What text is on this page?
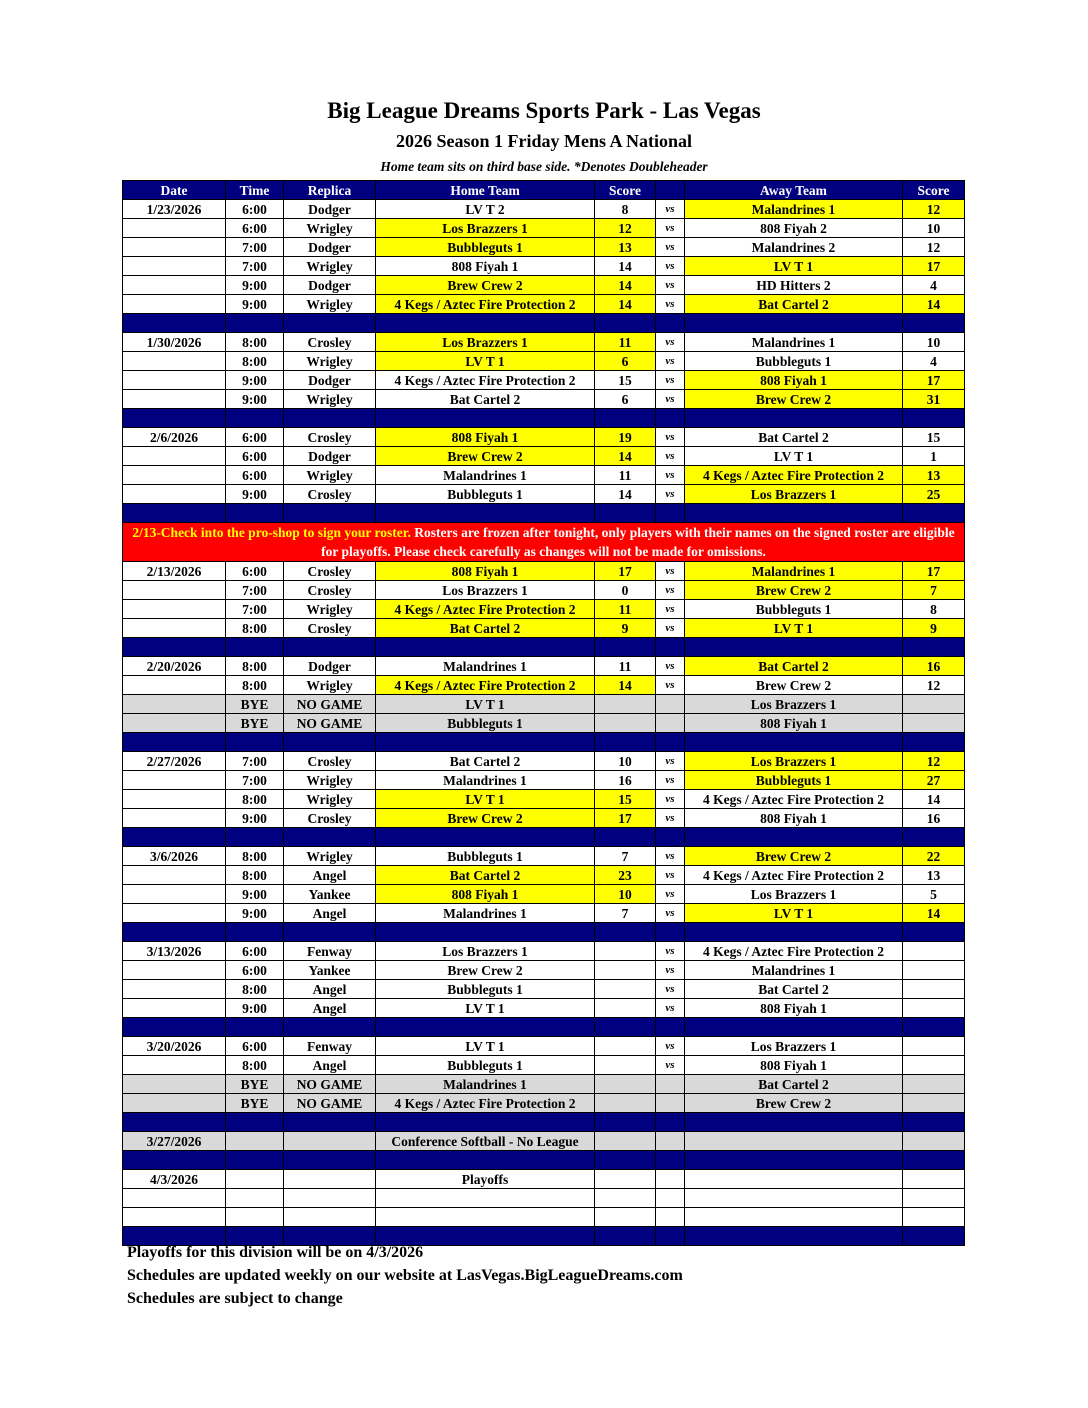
Big League Dreams Sports Park - Las Vegas
2026 Season 1 Friday Mens A National
Home team sits on third base side. *Denotes Doubleheader
Date	Time	Replica	Home Team	Score		Away Team	Score
1/23/2026	6:00	Dodger	LV T 2	8	vs	Malandrines 1	12
	6:00	Wrigley	Los Brazzers 1	12	vs	808 Fiyah 2	10
	7:00	Dodger	Bubbleguts 1	13	vs	Malandrines 2	12
	7:00	Wrigley	808 Fiyah 1	14	vs	LV T 1	17
	9:00	Dodger	Brew Crew 2	14	vs	HD Hitters 2	4
	9:00	Wrigley	4 Kegs / Aztec Fire Protection 2	14	vs	Bat Cartel 2	14

1/30/2026	8:00	Crosley	Los Brazzers 1	11	vs	Malandrines 1	10
	8:00	Wrigley	LV T 1	6	vs	Bubbleguts 1	4
	9:00	Dodger	4 Kegs / Aztec Fire Protection 2	15	vs	808 Fiyah 1	17
	9:00	Wrigley	Bat Cartel 2	6	vs	Brew Crew 2	31

2/6/2026	6:00	Crosley	808 Fiyah 1	19	vs	Bat Cartel 2	15
	6:00	Dodger	Brew Crew 2	14	vs	LV T 1	1
	6:00	Wrigley	Malandrines 1	11	vs	4 Kegs / Aztec Fire Protection 2	13
	9:00	Crosley	Bubbleguts 1	14	vs	Los Brazzers 1	25

2/13-Check into the pro-shop to sign your roster. Rosters are frozen after tonight, only players with their names on the signed roster are eligible for playoffs. Please check carefully as changes will not be made for omissions.							
2/13/2026	6:00	Crosley	808 Fiyah 1	17	vs	Malandrines 1	17
	7:00	Crosley	Los Brazzers 1	0	vs	Brew Crew 2	7
	7:00	Wrigley	4 Kegs / Aztec Fire Protection 2	11	vs	Bubbleguts 1	8
	8:00	Crosley	Bat Cartel 2	9	vs	LV T 1	9

2/20/2026	8:00	Dodger	Malandrines 1	11	vs	Bat Cartel 2	16
	8:00	Wrigley	4 Kegs / Aztec Fire Protection 2	14	vs	Brew Crew 2	12
	BYE	NO GAME	LV T 1			Los Brazzers 1	
	BYE	NO GAME	Bubbleguts 1			808 Fiyah 1	

2/27/2026	7:00	Crosley	Bat Cartel 2	10	vs	Los Brazzers 1	12
	7:00	Wrigley	Malandrines 1	16	vs	Bubbleguts 1	27
	8:00	Wrigley	LV T 1	15	vs	4 Kegs / Aztec Fire Protection 2	14
	9:00	Crosley	Brew Crew 2	17	vs	808 Fiyah 1	16

3/6/2026	8:00	Wrigley	Bubbleguts 1	7	vs	Brew Crew 2	22
	8:00	Angel	Bat Cartel 2	23	vs	4 Kegs / Aztec Fire Protection 2	13
	9:00	Yankee	808 Fiyah 1	10	vs	Los Brazzers 1	5
	9:00	Angel	Malandrines 1	7	vs	LV T 1	14

3/13/2026	6:00	Fenway	Los Brazzers 1		vs	4 Kegs / Aztec Fire Protection 2	
	6:00	Yankee	Brew Crew 2		vs	Malandrines 1	
	8:00	Angel	Bubbleguts 1		vs	Bat Cartel 2	
	9:00	Angel	LV T 1		vs	808 Fiyah 1	

3/20/2026	6:00	Fenway	LV T 1		vs	Los Brazzers 1	
	8:00	Angel	Bubbleguts 1		vs	808 Fiyah 1	
	BYE	NO GAME	Malandrines 1			Bat Cartel 2	
	BYE	NO GAME	4 Kegs / Aztec Fire Protection 2			Brew Crew 2	

3/27/2026			Conference Softball - No League				

4/3/2026			Playoffs				

Playoffs for this division will be on 4/3/2026
Schedules are updated weekly on our website at LasVegas.BigLeagueDreams.com
Schedules are subject to change
